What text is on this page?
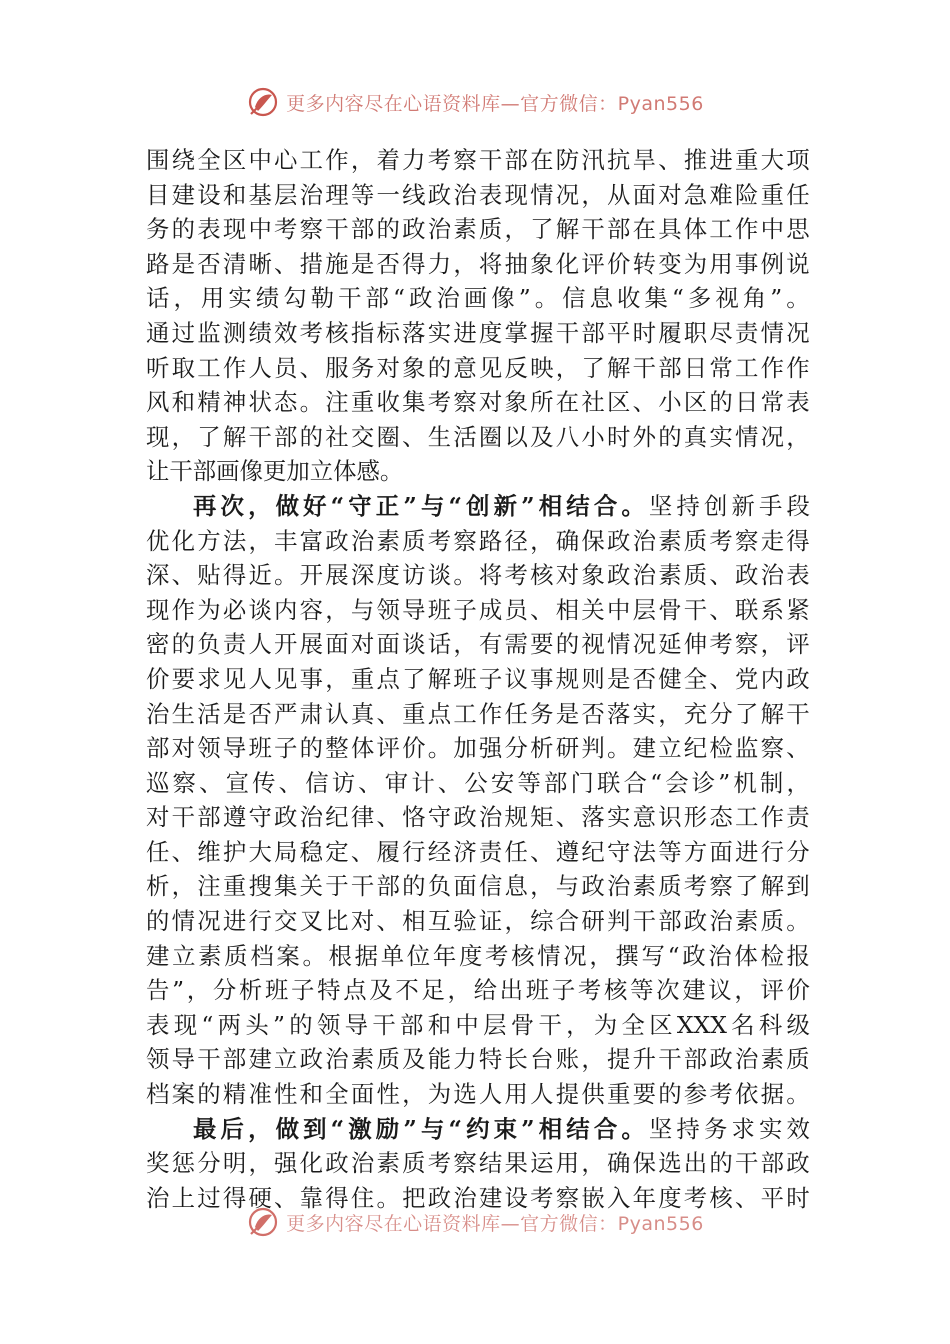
更多内容尽在心语资料库—官方微信：Pyan556
围 绕 全 区 中 心 工 作 ， 着 力 考 察 干 部 在 防 汛 抗 旱 、 推 进 重 大 项
目 建 设 和 基 层 治 理 等 一 线 政 治 表 现 情 况 ， 从 面 对 急 难 险 重 任
务 的 表 现 中 考 察 干 部 的 政 治 素 质 ， 了 解 干 部 在 具 体 工 作 中 思
路 是 否 清 晰 、 措 施 是 否 得 力 ， 将 抽 象 化 评 价 转 变 为 用 事 例 说
话 ， 用 实 绩 勾 勒 干 部 “ 政 治 画 像 ” 。 信 息 收 集 “ 多 视 角 ” 。
通 过 监 测 绩 效 考 核 指 标 落 实 进 度 掌 握 干 部 平 时 履 职 尽 责 情 况
听 取 工 作 人 员 、 服 务 对 象 的 意 见 反 映 ， 了 解 干 部 日 常 工 作 作
风 和 精 神 状 态 。 注 重 收 集 考 察 对 象 所 在 社 区 、 小 区 的 日 常 表
现 ， 了 解 干 部 的 社 交 圈 、 生 活 圈 以 及 八 小 时 外 的 真 实 情 况 ，
让 干 部 画 像 更 加 立 体 感 。
再 次 ， 做 好 “ 守 正 ” 与 “ 创 新 ” 相 结 合 。 坚 持 创 新 手 段
优 化 方 法 ， 丰 富 政 治 素 质 考 察 路 径 ， 确 保 政 治 素 质 考 察 走 得
深 、 贴 得 近 。 开 展 深 度 访 谈 。 将 考 核 对 象 政 治 素 质 、 政 治 表
现 作 为 必 谈 内 容 ， 与 领 导 班 子 成 员 、 相 关 中 层 骨 干 、 联 系 紧
密 的 负 责 人 开 展 面 对 面 谈 话 ， 有 需 要 的 视 情 况 延 伸 考 察 ， 评
价 要 求 见 人 见 事 ， 重 点 了 解 班 子 议 事 规 则 是 否 健 全 、 党 内 政
治 生 活 是 否 严 肃 认 真 、 重 点 工 作 任 务 是 否 落 实 ， 充 分 了 解 干
部 对 领 导 班 子 的 整 体 评 价 。 加 强 分 析 研 判 。 建 立 纪 检 监 察 、
巡 察 、 宣 传 、 信 访 、 审 计 、 公 安 等 部 门 联 合 “ 会 诊 ” 机 制 ，
对 干 部 遵 守 政 治 纪 律 、 恪 守 政 治 规 矩 、 落 实 意 识 形 态 工 作 责
任 、 维 护 大 局 稳 定 、 履 行 经 济 责 任 、 遵 纪 守 法 等 方 面 进 行 分
析 ， 注 重 搜 集 关 于 干 部 的 负 面 信 息 ， 与 政 治 素 质 考 察 了 解 到
的 情 况 进 行 交 叉 比 对 、 相 互 验 证 ， 综 合 研 判 干 部 政 治 素 质 。
建 立 素 质 档 案 。 根 据 单 位 年 度 考 核 情 况 ， 撰 写 “ 政 治 体 检 报
告 ” ， 分 析 班 子 特 点 及 不 足 ， 给 出 班 子 考 核 等 次 建 议 ， 评 价
表 现 “ 两 头 ” 的 领 导 干 部 和 中 层 骨 干 ， 为 全 区 XXX 名 科 级
领 导 干 部 建 立 政 治 素 质 及 能 力 特 长 台 账 ， 提 升 干 部 政 治 素 质
档 案 的 精 准 性 和 全 面 性 ， 为 选 人 用 人 提 供 重 要 的 参 考 依 据 。
最 后 ， 做 到 “ 激 励 ” 与 “ 约 束 ” 相 结 合 。 坚 持 务 求 实 效
奖 惩 分 明 ， 强 化 政 治 素 质 考 察 结 果 运 用 ， 确 保 选 出 的 干 部 政
治 上 过 得 硬 、 靠 得 住 。 把 政 治 建 设 考 察 嵌 入 年 度 考 核 、 平 时
更多内容尽在心语资料库—官方微信：Pyan556
